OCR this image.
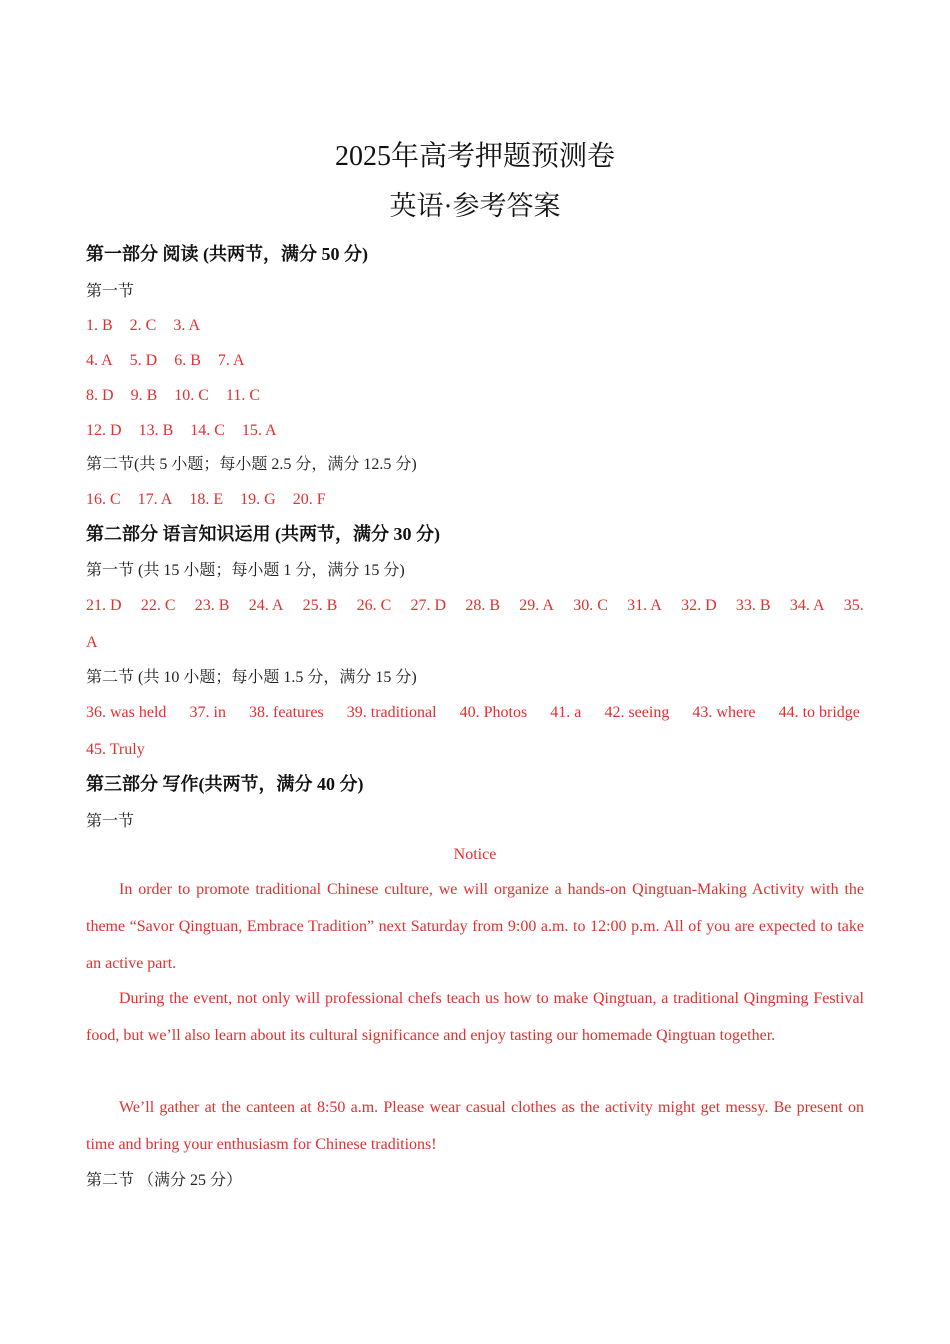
2025年高考押题预测卷
英语·参考答案
第一部分 阅读 (共两节，满分 50 分)
第一节
1. B 2. C 3. A
4. A 5. D 6. B 7. A
8. D 9. B 10. C 11. C
12. D 13. B 14. C 15. A
第二节(共 5 小题；每小题 2.5 分，满分 12.5 分)
16. C 17. A 18. E 19. G 20. F
第二部分 语言知识运用 (共两节，满分 30 分)
第一节 (共 15 小题；每小题 1 分，满分 15 分)
21. D 22. C 23. B 24. A 25. B 26. C 27. D 28. B 29. A 30. C 31. A 32. D 33. B 34. A 35.
A
第二节 (共 10 小题；每小题 1.5 分，满分 15 分)
36. was held 37. in 38. features 39. traditional 40. Photos 41. a 42. seeing 43. where 44. to bridge
45. Truly
第三部分 写作(共两节，满分 40 分)
第一节
Notice
In order to promote traditional Chinese culture, we will organize a hands-on Qingtuan-Making Activity with the theme “Savor Qingtuan, Embrace Tradition” next Saturday from 9:00 a.m. to 12:00 p.m. All of you are expected to take an active part.
During the event, not only will professional chefs teach us how to make Qingtuan, a traditional Qingming Festival food, but we’ll also learn about its cultural significance and enjoy tasting our homemade Qingtuan together.
We’ll gather at the canteen at 8:50 a.m. Please wear casual clothes as the activity might get messy. Be present on time and bring your enthusiasm for Chinese traditions!
第二节 （满分 25 分）
